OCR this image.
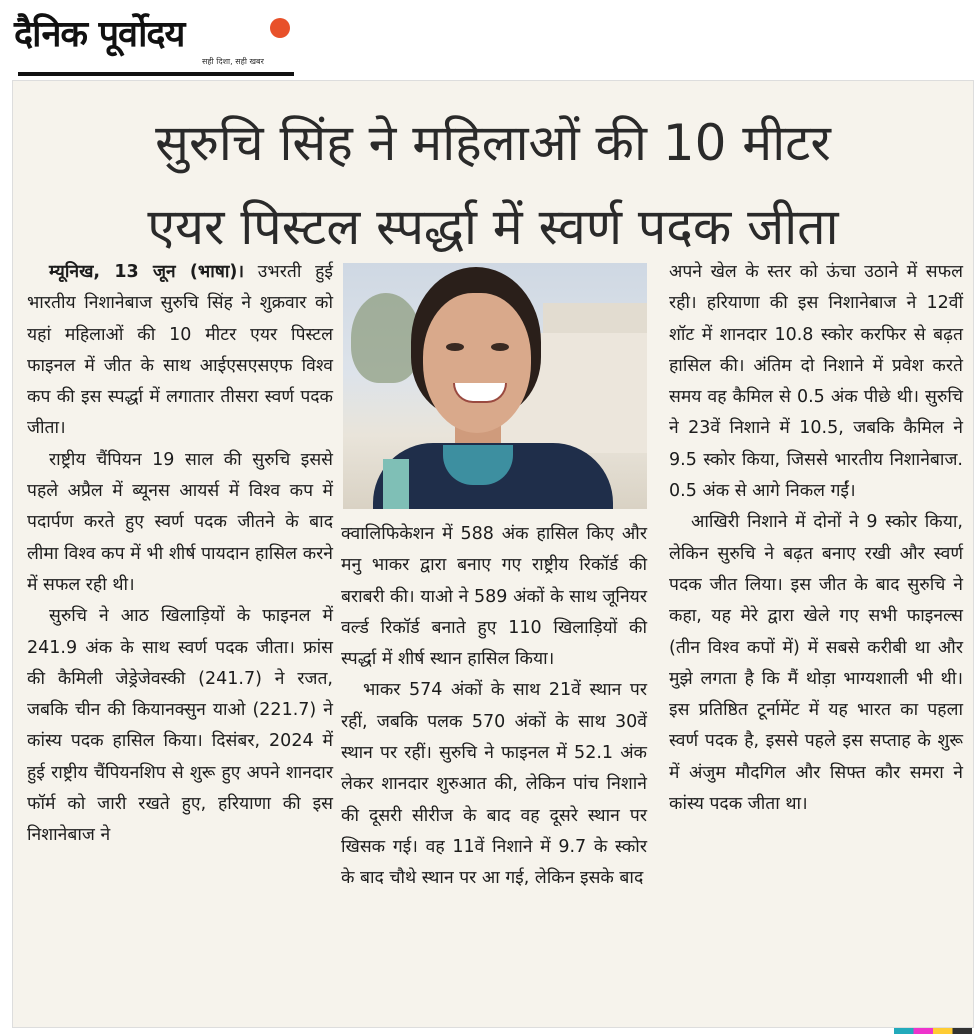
दैनिक पूर्वोदय
सही दिशा, सही खबर
सुरुचि सिंह ने महिलाओं की 10 मीटर
एयर पिस्टल स्पर्द्धा में स्वर्ण पदक जीता

म्यूनिख, 13 जून (भाषा)। उभरती हुई भारतीय निशानेबाज सुरुचि सिंह ने शुक्रवार को यहां महिलाओं की 10 मीटर एयर पिस्टल फाइनल में जीत के साथ आईएसएसएफ विश्व कप की इस स्पर्द्धा में लगातार तीसरा स्वर्ण पदक जीता।

राष्ट्रीय चैंपियन 19 साल की सुरुचि इससे पहले अप्रैल में ब्यूनस आयर्स में विश्व कप में पदार्पण करते हुए स्वर्ण पदक जीतने के बाद लीमा विश्व कप में भी शीर्ष पायदान हासिल करने में सफल रही थी।

सुरुचि ने आठ खिलाड़ियों के फाइनल में 241.9 अंक के साथ स्वर्ण पदक जीता। फ्रांस की कैमिली जेड्रेजेवस्की (241.7) ने रजत, जबकि चीन की कियानक्सुन याओ (221.7) ने कांस्य पदक हासिल किया। दिसंबर, 2024 में हुई राष्ट्रीय चैंपियनशिप से शुरू हुए अपने शानदार फॉर्म को जारी रखते हुए, हरियाणा की इस निशानेबाज ने

क्वालिफिकेशन में 588 अंक हासिल किए और मनु भाकर द्वारा बनाए गए राष्ट्रीय रिकॉर्ड की बराबरी की। याओ ने 589 अंकों के साथ जूनियर वर्ल्ड रिकॉर्ड बनाते हुए 110 खिलाड़ियों की स्पर्द्धा में शीर्ष स्थान हासिल किया।

भाकर 574 अंकों के साथ 21वें स्थान पर रहीं, जबकि पलक 570 अंकों के साथ 30वें स्थान पर रहीं। सुरुचि ने फाइनल में 52.1 अंक लेकर शानदार शुरुआत की, लेकिन पांच निशाने की दूसरी सीरीज के बाद वह दूसरे स्थान पर खिसक गई। वह 11वें निशाने में 9.7 के स्कोर के बाद चौथे स्थान पर आ गई, लेकिन इसके बाद

अपने खेल के स्तर को ऊंचा उठाने में सफल रही। हरियाणा की इस निशानेबाज ने 12वीं शॉट में शानदार 10.8 स्कोर करफिर से बढ़त हासिल की। अंतिम दो निशाने में प्रवेश करते समय वह कैमिल से 0.5 अंक पीछे थी। सुरुचि ने 23वें निशाने में 10.5, जबकि कैमिल ने 9.5 स्कोर किया, जिससे भारतीय निशानेबाज. 0.5 अंक से आगे निकल गईं।

आखिरी निशाने में दोनों ने 9 स्कोर किया, लेकिन सुरुचि ने बढ़त बनाए रखी और स्वर्ण पदक जीत लिया। इस जीत के बाद सुरुचि ने कहा, यह मेरे द्वारा खेले गए सभी फाइनल्स (तीन विश्व कपों में) में सबसे करीबी था और मुझे लगता है कि मैं थोड़ा भाग्यशाली भी थी। इस प्रतिष्ठित टूर्नामेंट में यह भारत का पहला स्वर्ण पदक है, इससे पहले इस सप्ताह के शुरू में अंजुम मौदगिल और सिफ्त कौर समरा ने कांस्य पदक जीता था।
